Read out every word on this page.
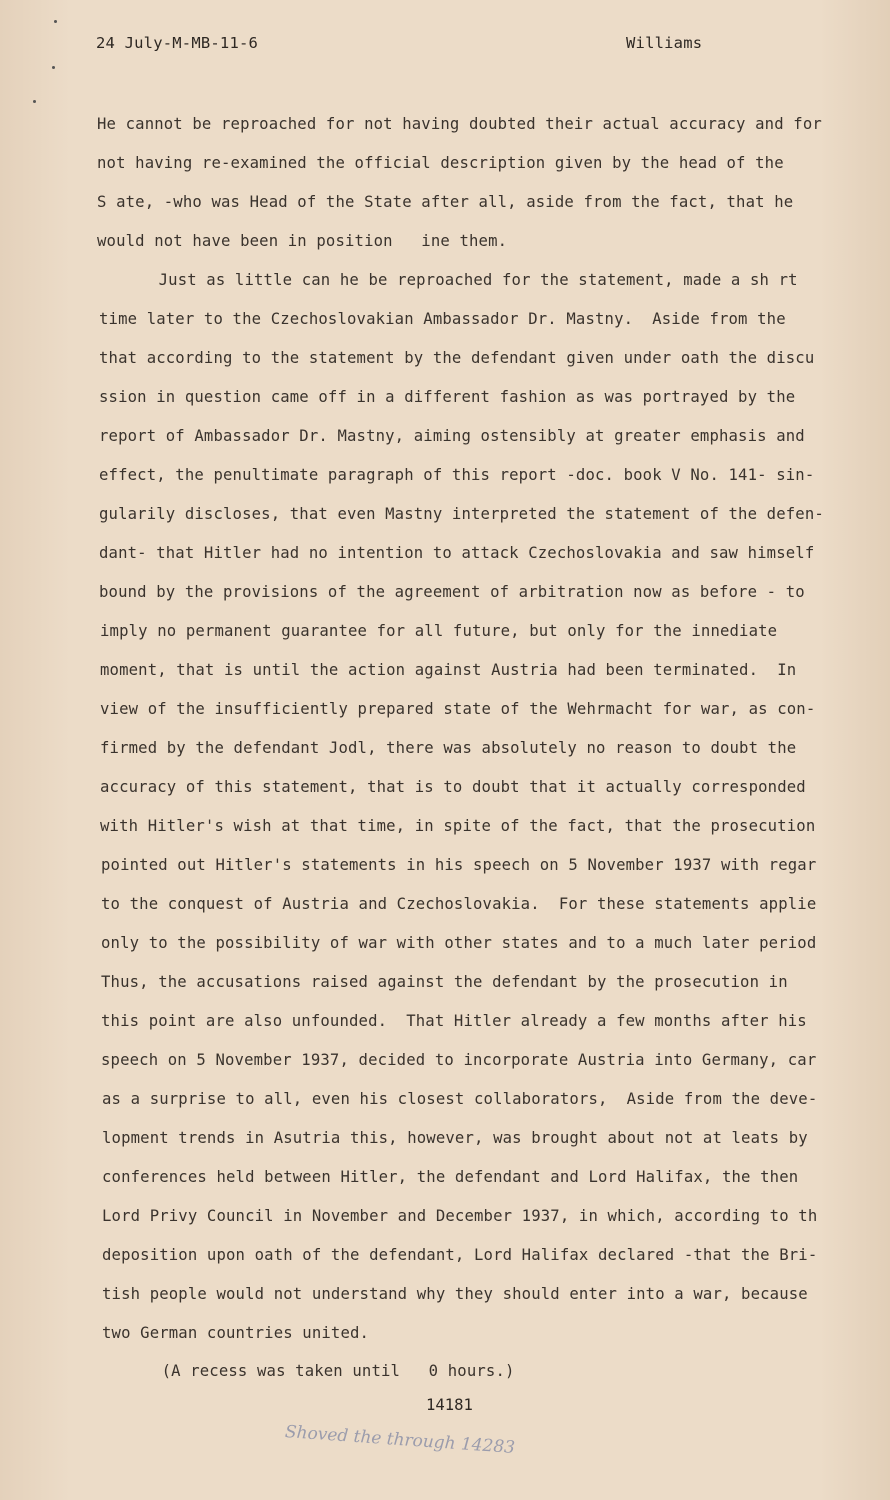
24 July-M-MB-11-6	Williams
He cannot be reproached for not having doubted their actual accuracy and for
not having re-examined the official description given by the head of the
S ate, -who was Head of the State after all, aside from the fact, that he
would not have been in position   ine them.
Just as little can he be reproached for the statement, made a sh rt
time later to the Czechoslovakian Ambassador Dr. Mastny.  Aside from the
that according to the statement by the defendant given under oath the discu
ssion in question came off in a different fashion as was portrayed by the
report of Ambassador Dr. Mastny, aiming ostensibly at greater emphasis and
effect, the penultimate paragraph of this report -doc. book V No. 141- sin-
gularily discloses, that even Mastny interpreted the statement of the defen-
dant- that Hitler had no intention to attack Czechoslovakia and saw himself
bound by the provisions of the agreement of arbitration now as before - to
imply no permanent guarantee for all future, but only for the innediate
moment, that is until the action against Austria had been terminated.  In
view of the insufficiently prepared state of the Wehrmacht for war, as con-
firmed by the defendant Jodl, there was absolutely no reason to doubt the
accuracy of this statement, that is to doubt that it actually corresponded
with Hitler's wish at that time, in spite of the fact, that the prosecution
pointed out Hitler's statements in his speech on 5 November 1937 with regar
to the conquest of Austria and Czechoslovakia.  For these statements applie
only to the possibility of war with other states and to a much later period
Thus, the accusations raised against the defendant by the prosecution in
this point are also unfounded.  That Hitler already a few months after his
speech on 5 November 1937, decided to incorporate Austria into Germany, car
as a surprise to all, even his closest collaborators,  Aside from the deve-
lopment trends in Asutria this, however, was brought about not at leats by
conferences held between Hitler, the defendant and Lord Halifax, the then
Lord Privy Council in November and December 1937, in which, according to th
deposition upon oath of the defendant, Lord Halifax declared -that the Bri-
tish people would not understand why they should enter into a war, because
two German countries united.
(A recess was taken until   0 hours.)
14181
Shoved the through 14283
